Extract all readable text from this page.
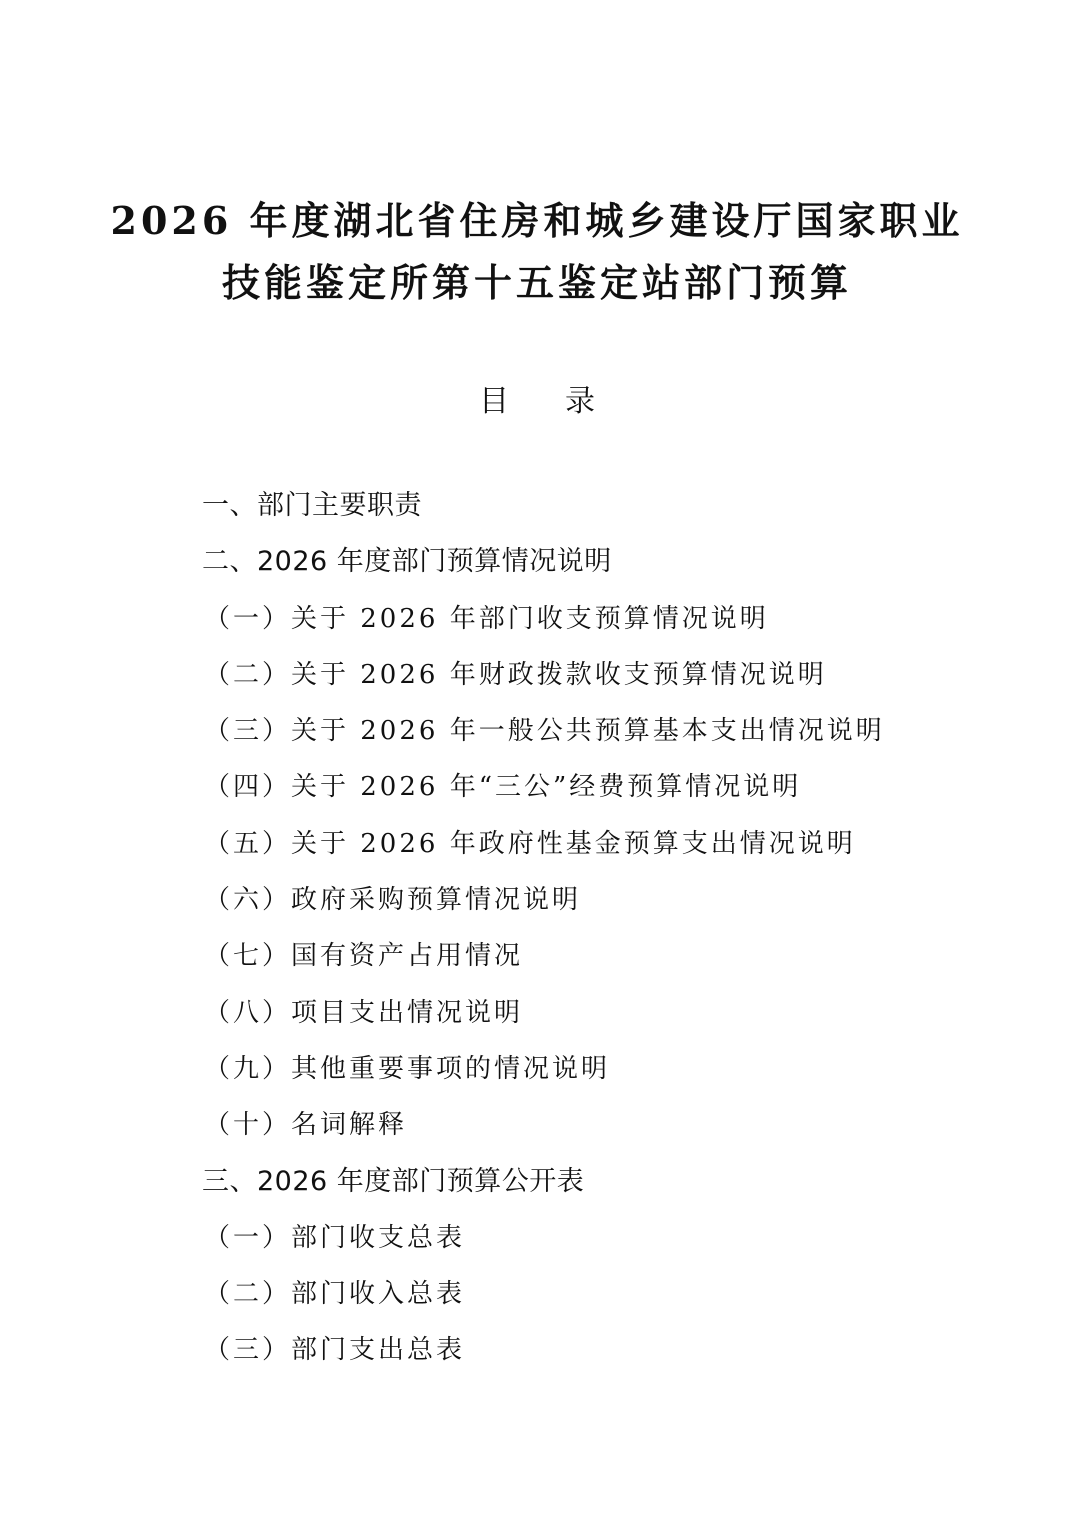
2026 年度湖北省住房和城乡建设厅国家职业
技能鉴定所第十五鉴定站部门预算
目录
一、部门主要职责
二、2026 年度部门预算情况说明
（一）关于 2026 年部门收支预算情况说明
（二）关于 2026 年财政拨款收支预算情况说明
（三）关于 2026 年一般公共预算基本支出情况说明
（四）关于 2026 年“三公”经费预算情况说明
（五）关于 2026 年政府性基金预算支出情况说明
（六）政府采购预算情况说明
（七）国有资产占用情况
（八）项目支出情况说明
（九）其他重要事项的情况说明
（十）名词解释
三、2026 年度部门预算公开表
（一）部门收支总表
（二）部门收入总表
（三）部门支出总表
